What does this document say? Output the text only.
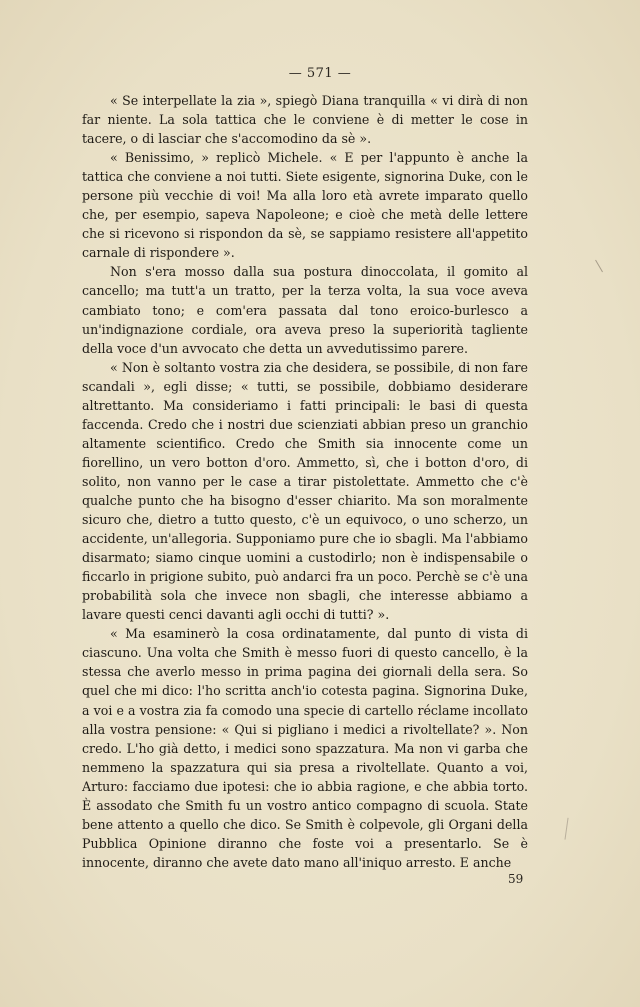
— 571 —

« Se interpellate la zia », spiegò Diana tranquilla « vi dirà di non far niente. La sola tattica che le conviene è di metter le cose in tacere, o di lasciar che s'accomodino da sè ».

« Benissimo, » replicò Michele. « E per l'appunto è anche la tattica che conviene a noi tutti. Siete esigente, signorina Duke, con le persone più vecchie di voi! Ma alla loro età avrete imparato quello che, per esempio, sapeva Napoleone; e cioè che metà delle lettere che si ricevono si rispondon da sè, se sappiamo resistere all'appetito carnale di rispondere ».

Non s'era mosso dalla sua postura dinoccolata, il gomito al cancello; ma tutt'a un tratto, per la terza volta, la sua voce aveva cambiato tono; e com'era passata dal tono eroico-burlesco a un'indignazione cordiale, ora aveva preso la superiorità tagliente della voce d'un avvocato che detta un avvedutissimo parere.

« Non è soltanto vostra zia che desidera, se possibile, di non fare scandali », egli disse; « tutti, se possibile, dobbiamo desiderare altrettanto. Ma consideriamo i fatti principali: le basi di questa faccenda. Credo che i nostri due scienziati abbian preso un granchio altamente scientifico. Credo che Smith sia innocente come un fiorellino, un vero botton d'oro. Ammetto, sì, che i botton d'oro, di solito, non vanno per le case a tirar pistolettate. Ammetto che c'è qualche punto che ha bisogno d'esser chiarito. Ma son moralmente sicuro che, dietro a tutto questo, c'è un equivoco, o uno scherzo, un accidente, un'allegoria. Supponiamo pure che io sbagli. Ma l'abbiamo disarmato; siamo cinque uomini a custodirlo; non è indispensabile o ficcarlo in prigione subito, può andarci fra un poco. Perchè se c'è una probabilità sola che invece non sbagli, che interesse abbiamo a lavare questi cenci davanti agli occhi di tutti? ».

« Ma esaminerò la cosa ordinatamente, dal punto di vista di ciascuno. Una volta che Smith è messo fuori di questo cancello, è la stessa che averlo messo in prima pagina dei giornali della sera. So quel che mi dico: l'ho scritta anch'io cotesta pagina. Signorina Duke, a voi e a vostra zia fa comodo una specie di cartello réclame incollato alla vostra pensione: « Qui si pigliano i medici a rivoltellate? ». Non credo. L'ho già detto, i medici sono spazzatura. Ma non vi garba che nemmeno la spazzatura qui sia presa a rivoltellate. Quanto a voi, Arturo: facciamo due ipotesi: che io abbia ragione, e che abbia torto. È assodato che Smith fu un vostro antico compagno di scuola. State bene attento a quello che dico. Se Smith è colpevole, gli Organi della Pubblica Opinione diranno che foste voi a presentarlo. Se è innocente, diranno che avete dato mano all'iniquo arresto. E anche

59
